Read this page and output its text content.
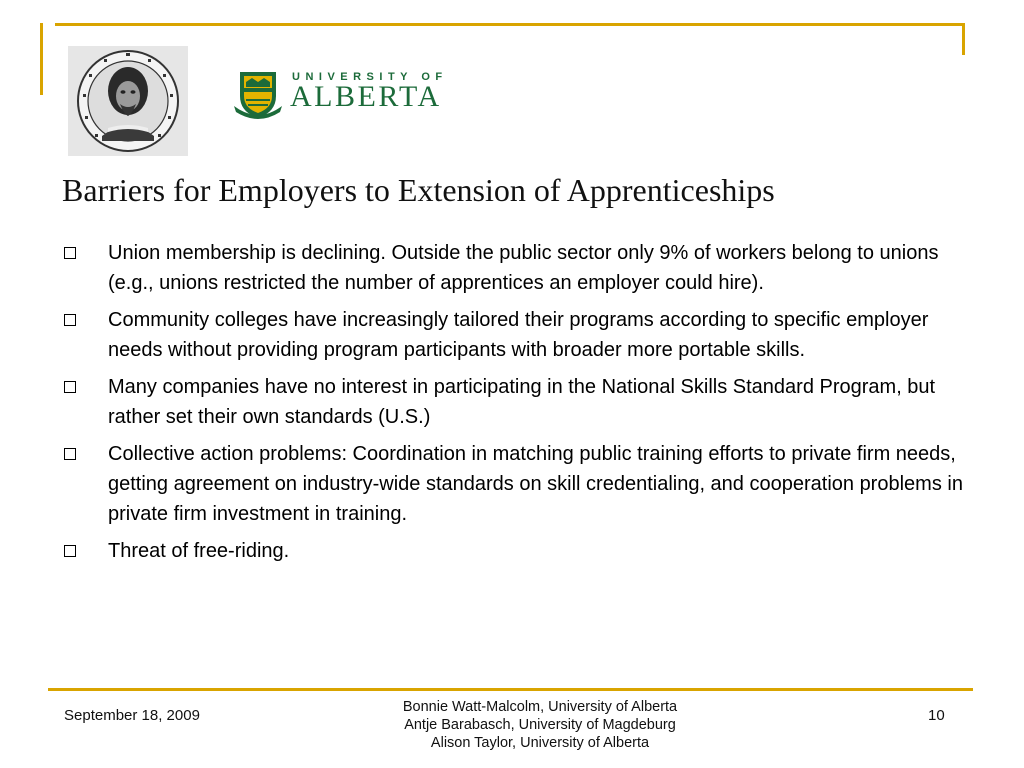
UNIVERSITY OF
ALBERTA
Barriers for Employers to Extension of Apprenticeships
Union membership is declining. Outside the public sector only 9% of workers belong to unions (e.g., unions restricted the number of apprentices an employer could hire).
Community colleges have increasingly tailored their programs according to specific employer needs without providing program participants with broader more portable skills.
Many companies have no interest in participating in the National Skills Standard Program, but rather set their own standards (U.S.)
Collective action problems: Coordination in matching public training efforts to private firm needs, getting agreement on industry-wide standards on skill credentialing, and cooperation problems in private firm investment in training.
Threat of free-riding.
September 18, 2009	Bonnie Watt-Malcolm, University of Alberta
Antje Barabasch, University of Magdeburg
Alison Taylor, University of Alberta
10
